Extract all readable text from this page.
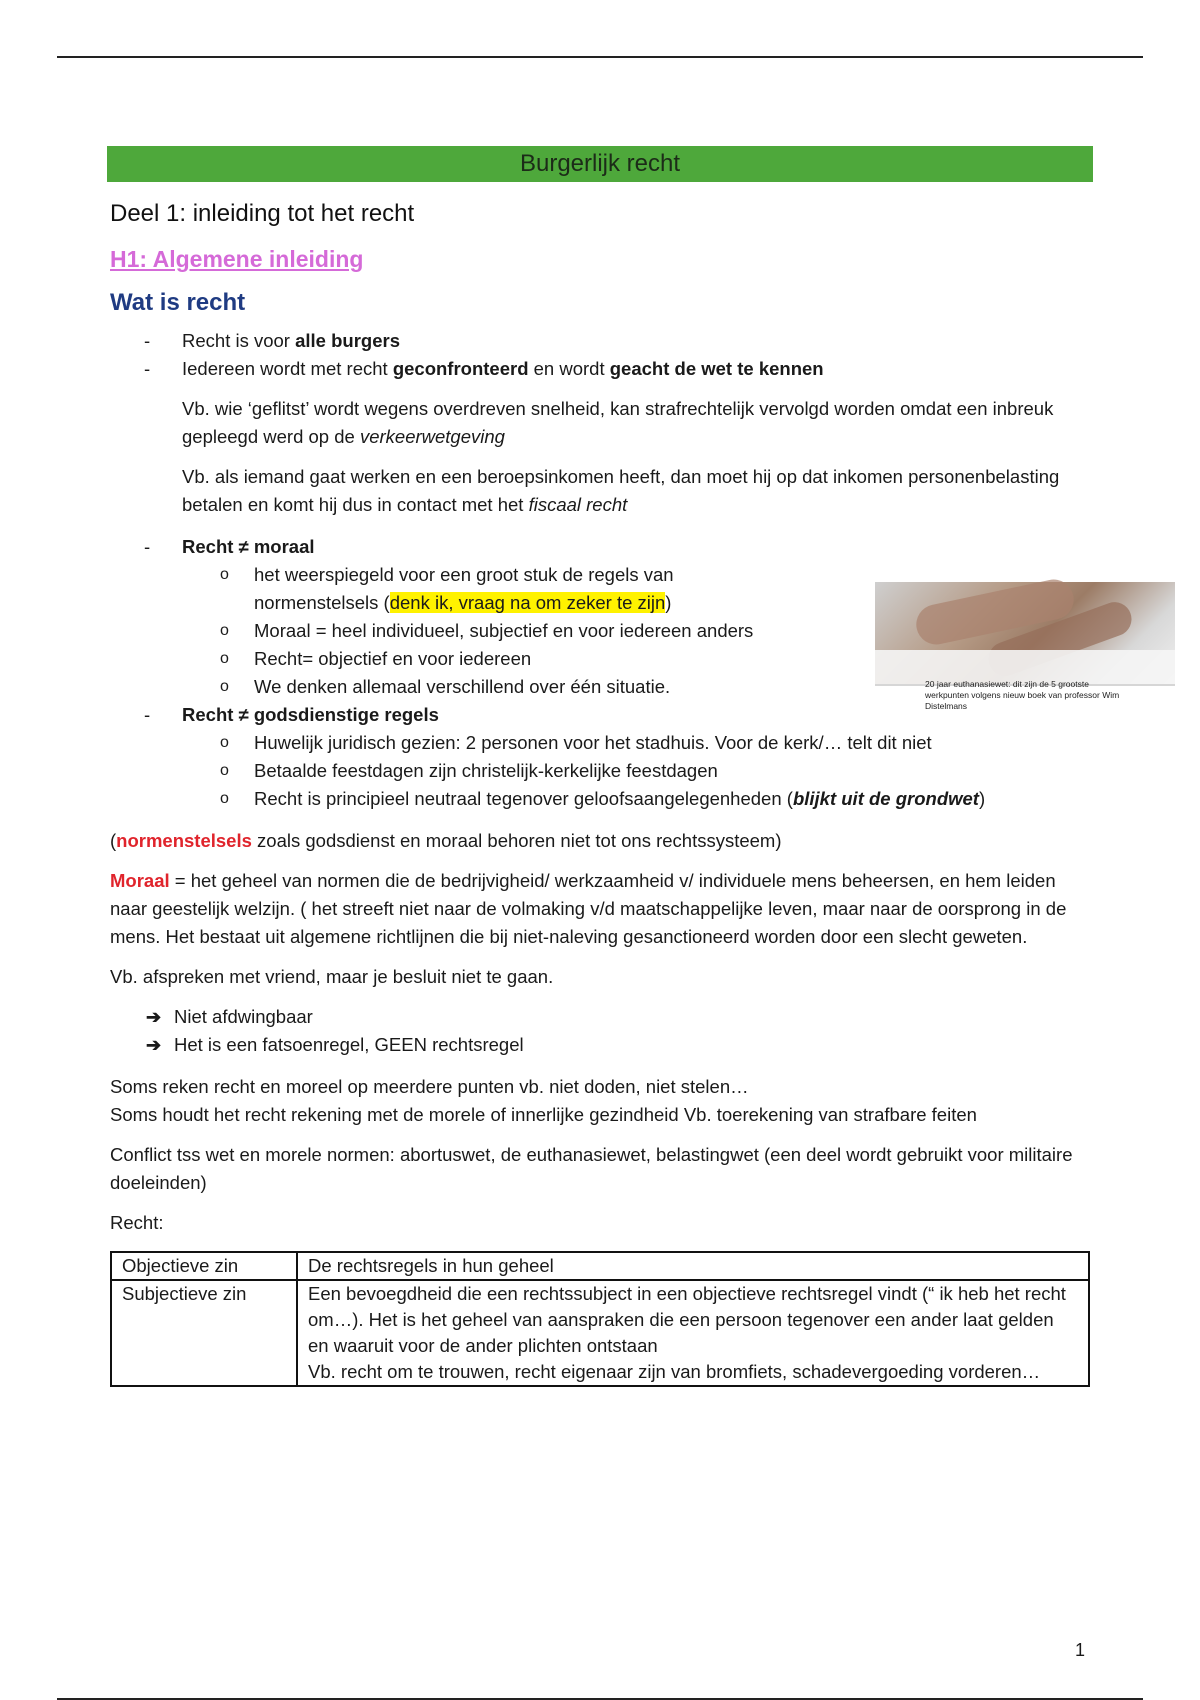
Burgerlijk recht
Deel 1: inleiding tot het recht
H1: Algemene inleiding
Wat is recht
- Recht is voor alle burgers
- Iedereen wordt met recht geconfronteerd en wordt geacht de wet te kennen

Vb. wie ‘geflitst’ wordt wegens overdreven snelheid, kan strafrechtelijk vervolgd worden omdat een inbreuk gepleegd werd op de verkeerwetgeving

Vb. als iemand gaat werken en een beroepsinkomen heeft, dan moet hij op dat inkomen personenbelasting betalen en komt hij dus in contact met het fiscaal recht

- Recht ≠ moraal
o het weerspiegeld voor een groot stuk de regels van normenstelsels (denk ik, vraag na om zeker te zijn)
o Moraal = heel individueel, subjectief en voor iedereen anders
o Recht= objectief en voor iedereen
o We denken allemaal verschillend over één situatie.
- Recht ≠ godsdienstige regels
o Huwelijk juridisch gezien: 2 personen voor het stadhuis. Voor de kerk/… telt dit niet
o Betaalde feestdagen zijn christelijk-kerkelijke feestdagen
o Recht is principieel neutraal tegenover geloofsaangelegenheden (blijkt uit de grondwet)

(normenstelsels zoals godsdienst en moraal behoren niet tot ons rechtssysteem)

Moraal = het geheel van normen die de bedrijvigheid/ werkzaamheid v/ individuele mens beheersen, en hem leiden naar geestelijk welzijn. ( het streeft niet naar de volmaking v/d maatschappelijke leven, maar naar de oorsprong in de mens. Het bestaat uit algemene richtlijnen die bij niet-naleving gesanctioneerd worden door een slecht geweten.

Vb. afspreken met vriend, maar je besluit niet te gaan.

➔ Niet afdwingbaar
➔ Het is een fatsoenregel, GEEN rechtsregel

Soms reken recht en moreel op meerdere punten vb. niet doden, niet stelen…
Soms houdt het recht rekening met de morele of innerlijke gezindheid Vb. toerekening van strafbare feiten

Conflict tss wet en morele normen: abortuswet, de euthanasiewet, belastingwet (een deel wordt gebruikt voor militaire doeleinden)

Recht:

Objectieve zin	De rechtsregels in hun geheel
Subjectieve zin	Een bevoegdheid die een rechtssubject in een objectieve rechtsregel vindt (“ ik heb het recht om…). Het is het geheel van aanspraken die een persoon tegenover een ander laat gelden en waaruit voor de ander plichten ontstaan
Vb. recht om te trouwen, recht eigenaar zijn van bromfiets, schadevergoeding vorderen…
20 jaar euthanasiewet: dit zijn de 5 grootste werkpunten volgens nieuw boek van professor Wim Distelmans
1
